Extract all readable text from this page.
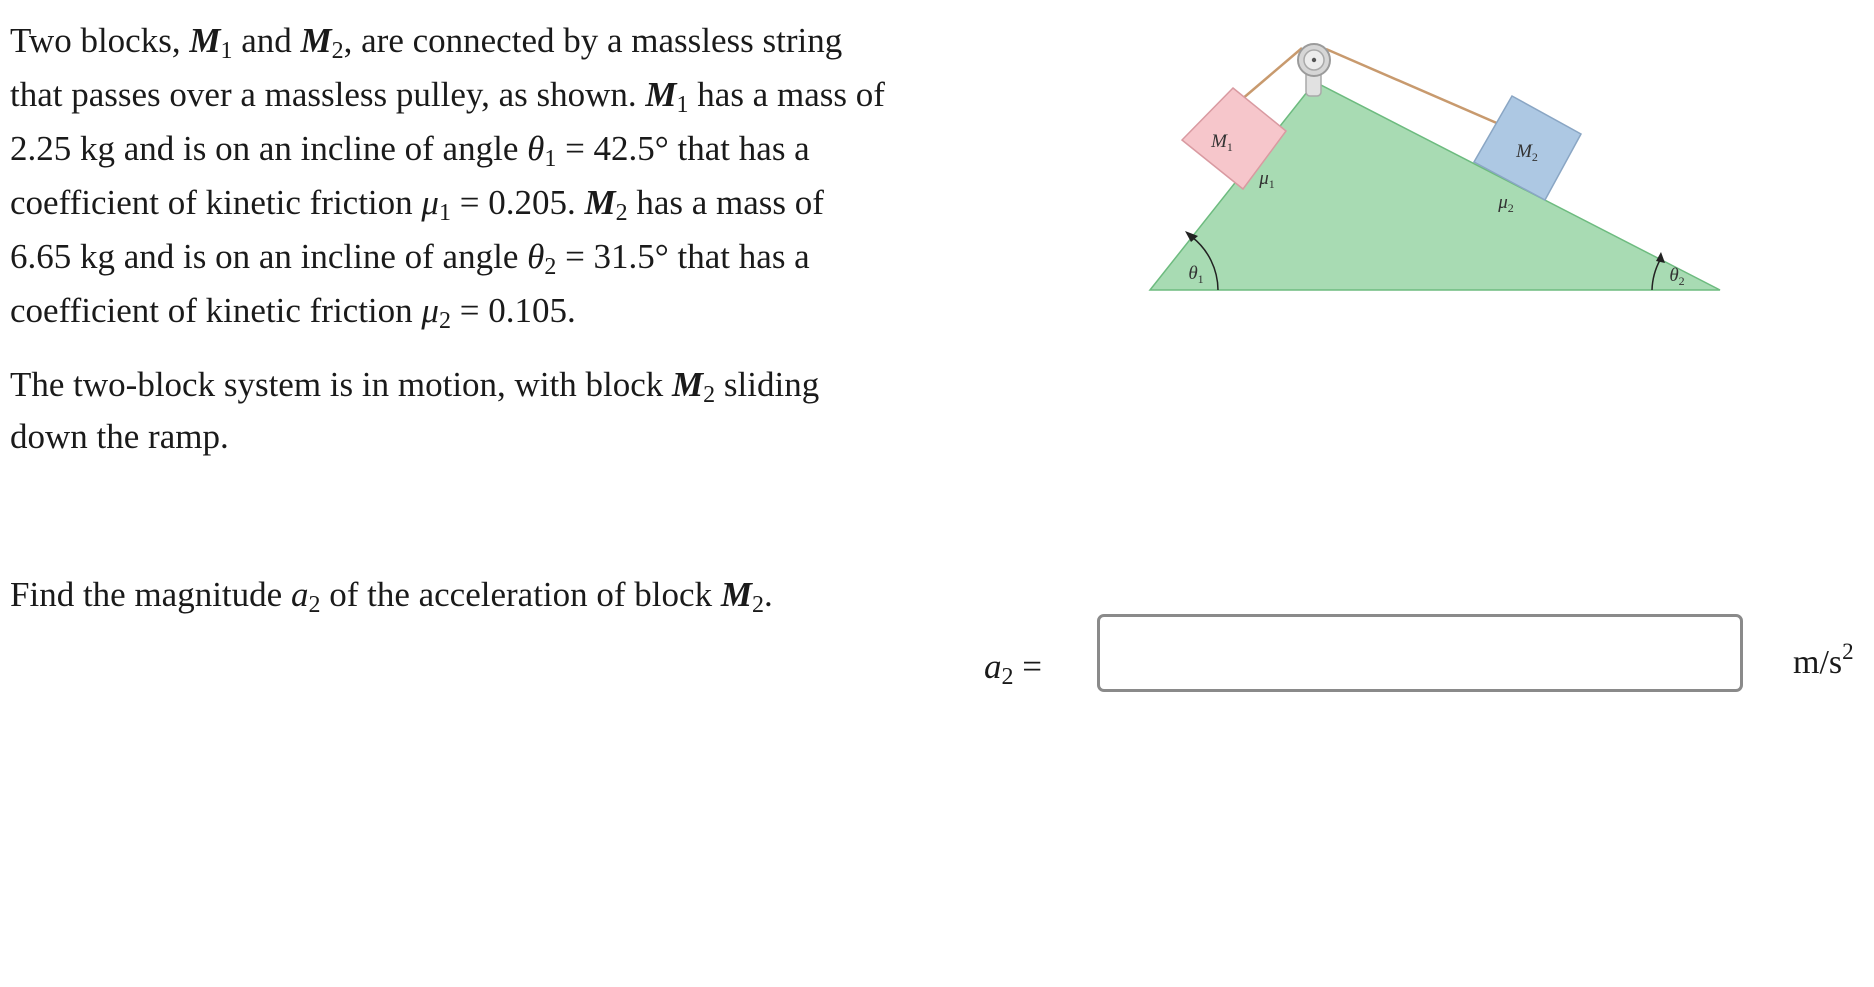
Two blocks, $M_1$ and $M_2$, are connected by a massless string that passes over a massless pulley, as shown. $M_1$ has a mass of 2.25 kg and is on an incline of angle $\theta_1 = 42.5^\circ$ that has a coefficient of kinetic friction $\mu_1 = 0.205$. $M_2$ has a mass of 6.65 kg and is on an incline of angle $\theta_2 = 31.5^\circ$ that has a coefficient of kinetic friction $\mu_2 = 0.105$.

The two-block system is in motion, with block $M_2$ sliding down the ramp.

Find the magnitude $a_2$ of the acceleration of block $M_2$.
$a_2$ =	$m/s^2$
$M_1$	$M_2$
$\mu_1$
$\mu_2$
$\theta_1$	$\theta_2$
